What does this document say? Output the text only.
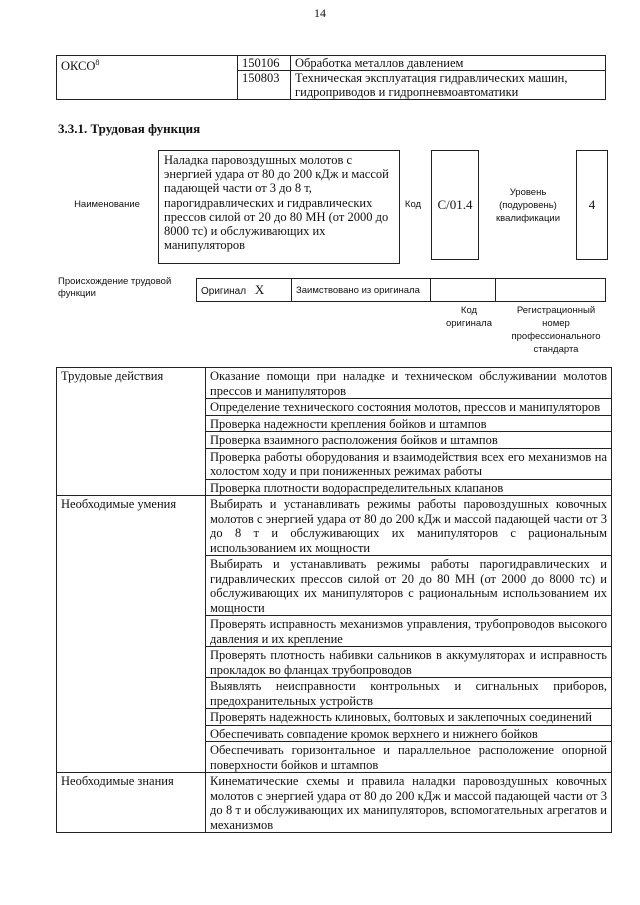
14
ОКСО$^8$	150106	Обработка металлов давлением
	150803	Техническая эксплуатация гидравлических машин, гидроприводов и гидропневмоавтоматики
3.3.1. Трудовая функция
Наименование
Наладка паровоздушных молотов с энергией удара от 80 до 200 кДж и массой падающей части от 3 до 8 т, парогидравлических и гидравлических прессов силой от 20 до 80 МН (от 2000 до 8000 тс) и обслуживающих их манипуляторов
Код	С/01.4
Уровень (подуровень) квалификации
4
Происхождение трудовой функции	Оригинал X	Заимствовано из оригинала		
Код оригинала
Регистрационный номер профессионального стандарта
Трудовые действия	Оказание помощи при наладке и техническом обслуживании молотов прессов и манипуляторов
	Определение технического состояния молотов, прессов и манипуляторов
	Проверка надежности крепления бойков и штампов
	Проверка взаимного расположения бойков и штампов
	Проверка работы оборудования и взаимодействия всех его механизмов на холостом ходу и при пониженных режимах работы
	Проверка плотности водораспределительных клапанов
Необходимые умения	Выбирать и устанавливать режимы работы паровоздушных ковочных молотов с энергией удара от 80 до 200 кДж и массой падающей части от 3 до 8 т и обслуживающих их манипуляторов с рациональным использованием их мощности
	Выбирать и устанавливать режимы работы парогидравлических и гидравлических прессов силой от 20 до 80 МН (от 2000 до 8000 тс) и обслуживающих их манипуляторов с рациональным использованием их мощности
	Проверять исправность механизмов управления, трубопроводов высокого давления и их крепление
	Проверять плотность набивки сальников в аккумуляторах и исправность прокладок во фланцах трубопроводов
	Выявлять неисправности контрольных и сигнальных приборов, предохранительных устройств
	Проверять надежность клиновых, болтовых и заклепочных соединений
	Обеспечивать совпадение кромок верхнего и нижнего бойков
	Обеспечивать горизонтальное и параллельное расположение опорной поверхности бойков и штампов
Необходимые знания	Кинематические схемы и правила наладки паровоздушных ковочных молотов с энергией удара от 80 до 200 кДж и массой падающей части от 3 до 8 т и обслуживающих их манипуляторов, вспомогательных агрегатов и механизмов
